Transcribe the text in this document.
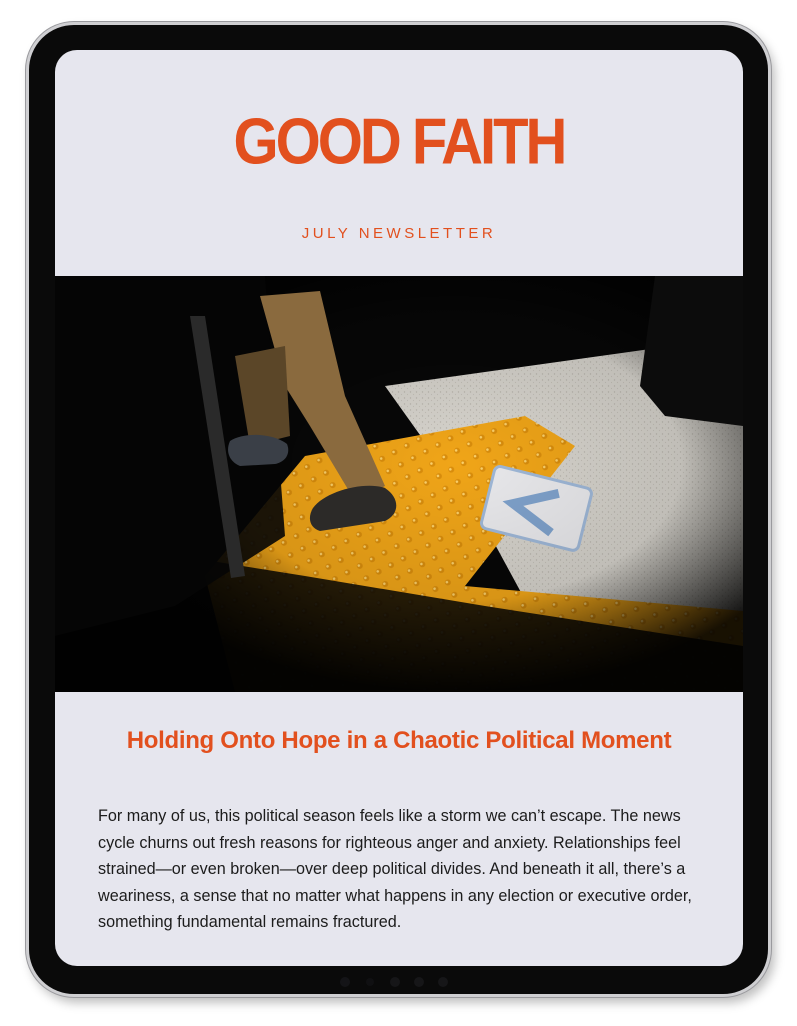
GOOD FAITH
JULY NEWSLETTER
Holding Onto Hope in a Chaotic Political Moment

For many of us, this political season feels like a storm we can’t escape. The news cycle churns out fresh reasons for righteous anger and anxiety. Relationships feel strained—or even broken—over deep political divides. And beneath it all, there’s a weariness, a sense that no matter what happens in any election or executive order, something fundamental remains fractured.
